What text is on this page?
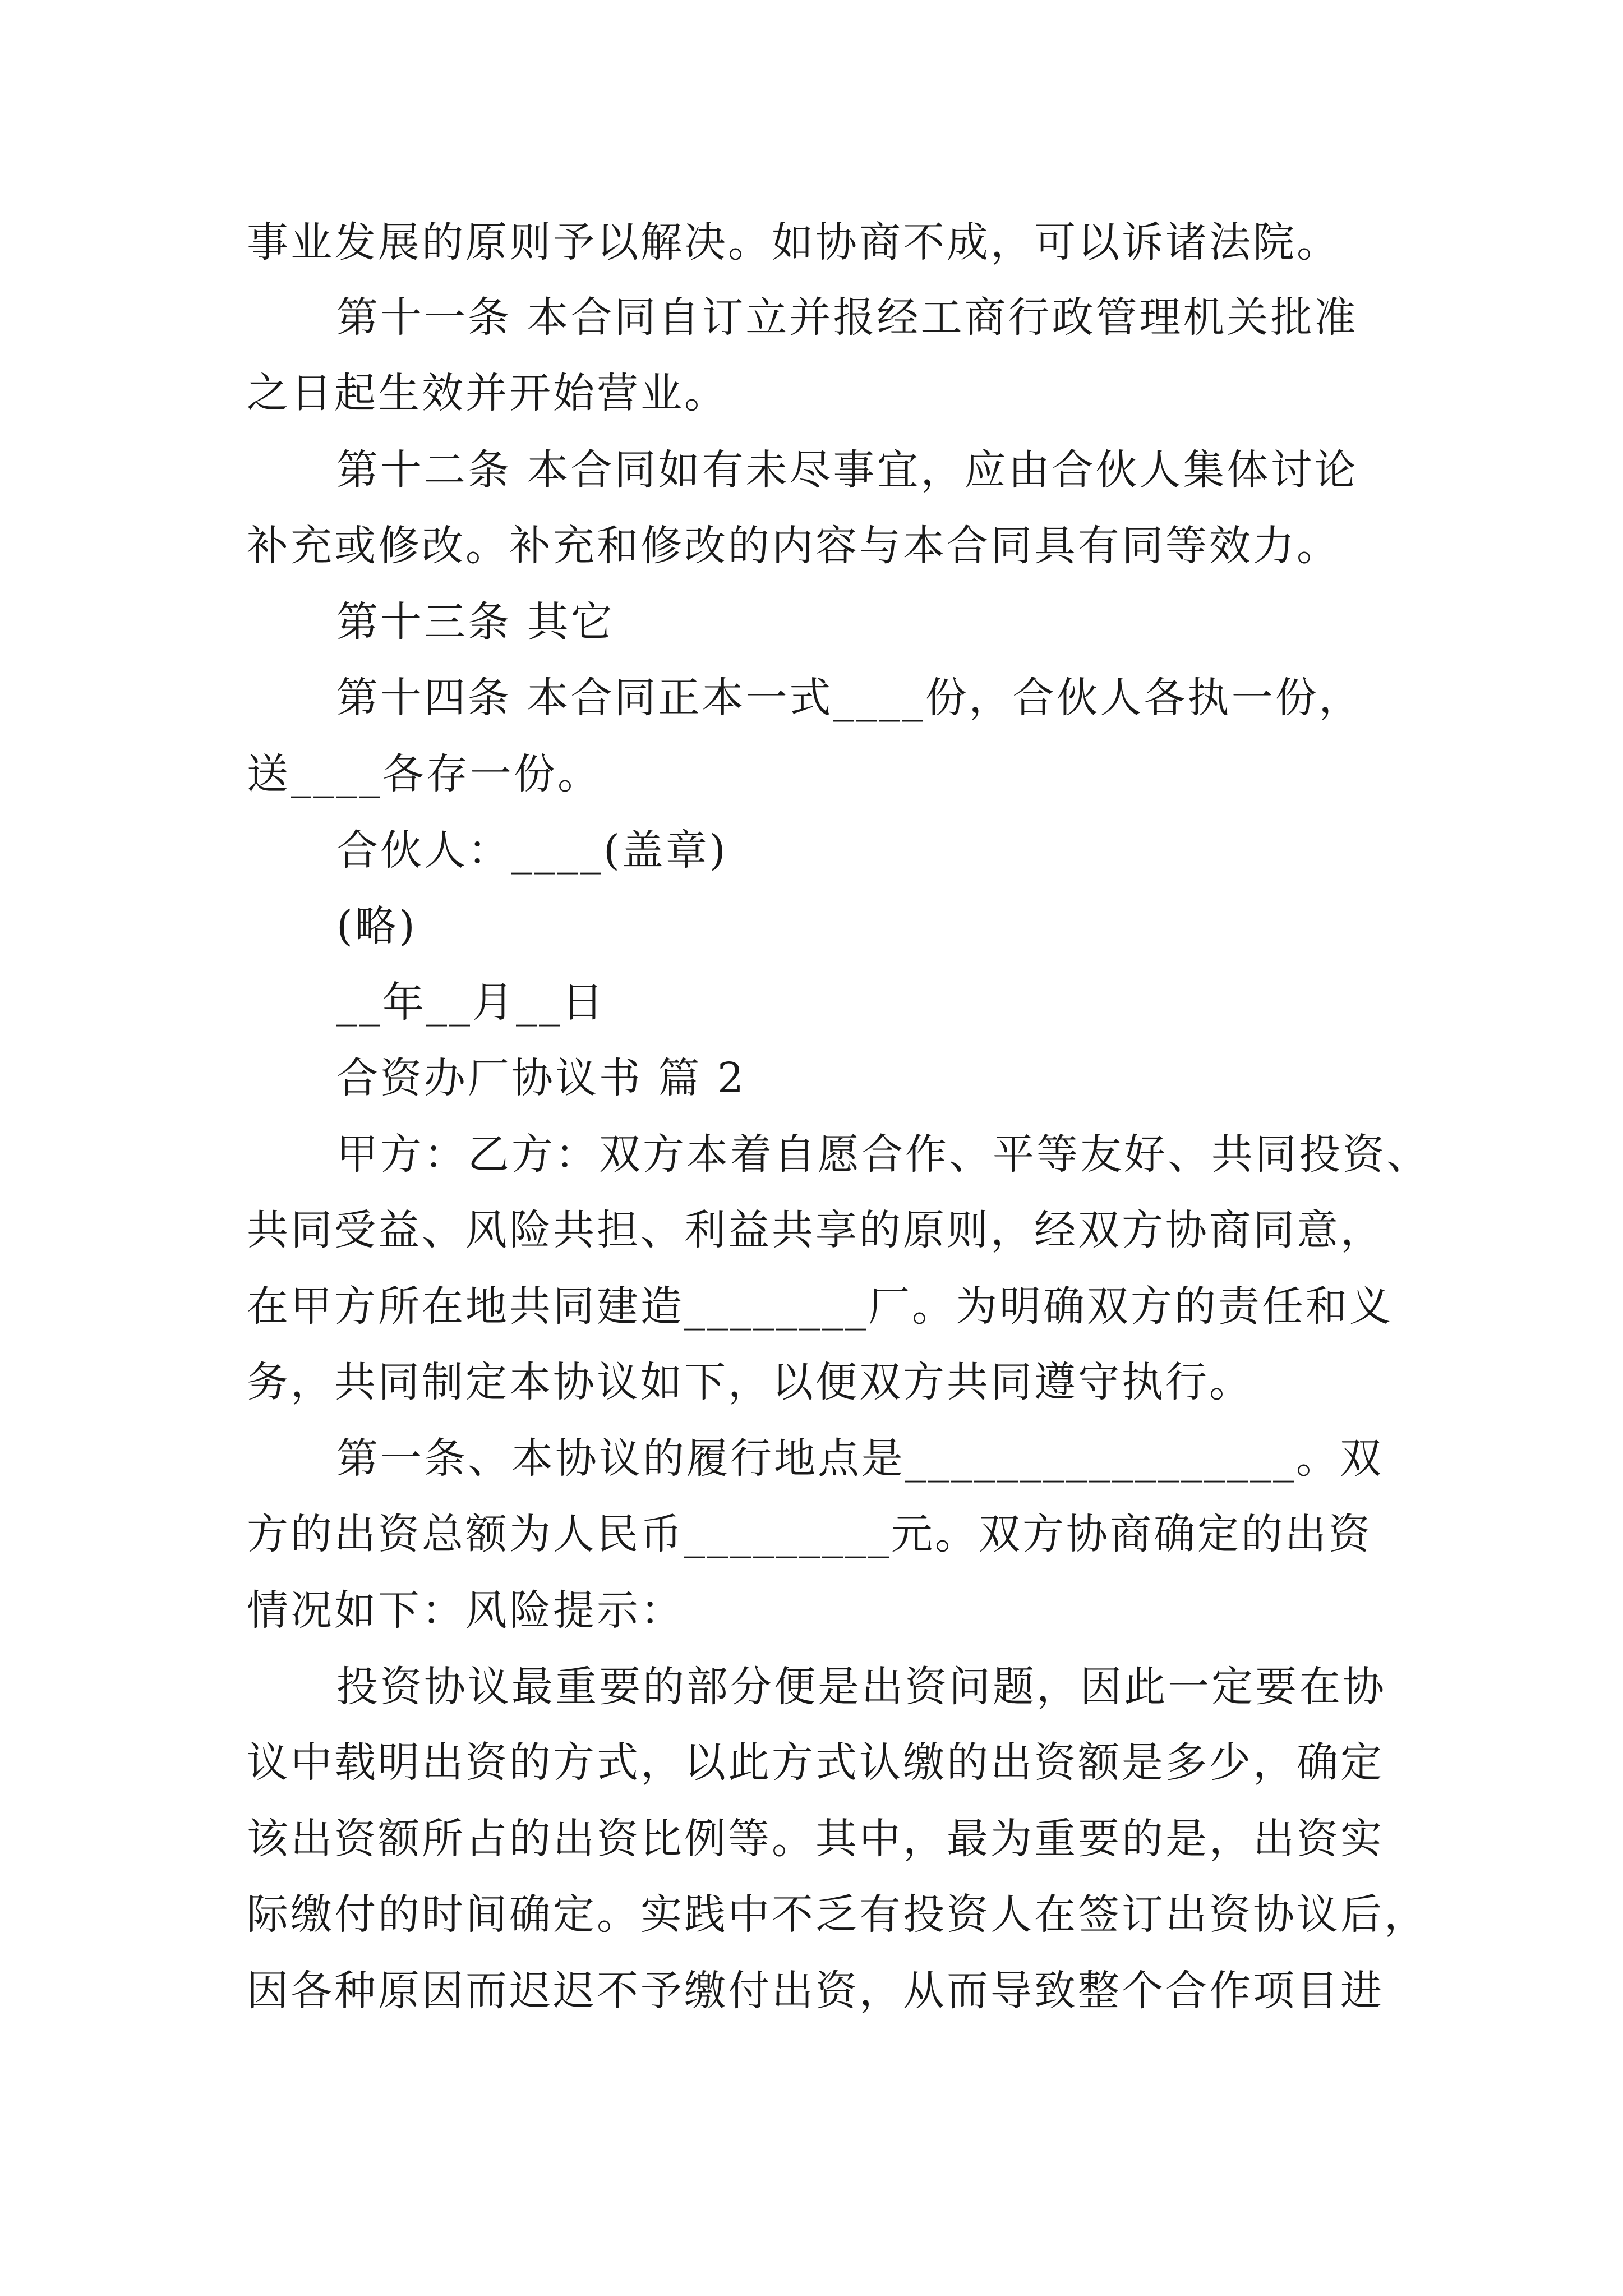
事业发展的原则予以解决。如协商不成，可以诉诸法院。
第十一条 本合同自订立并报经工商行政管理机关批准
之日起生效并开始营业。
第十二条 本合同如有未尽事宜，应由合伙人集体讨论
补充或修改。补充和修改的内容与本合同具有同等效力。
第十三条 其它
第十四条 本合同正本一式____份，合伙人各执一份，
送____各存一份。
合伙人：____(盖章)
(略)
__年__月__日
合资办厂协议书 篇 2
甲方：乙方：双方本着自愿合作、平等友好、共同投资、
共同受益、风险共担、利益共享的原则，经双方协商同意，
在甲方所在地共同建造________厂。为明确双方的责任和义
务，共同制定本协议如下，以便双方共同遵守执行。
第一条、本协议的履行地点是_________________。双
方的出资总额为人民币_________元。双方协商确定的出资
情况如下：风险提示：
投资协议最重要的部分便是出资问题，因此一定要在协
议中载明出资的方式，以此方式认缴的出资额是多少，确定
该出资额所占的出资比例等。其中，最为重要的是，出资实
际缴付的时间确定。实践中不乏有投资人在签订出资协议后，
因各种原因而迟迟不予缴付出资，从而导致整个合作项目进
